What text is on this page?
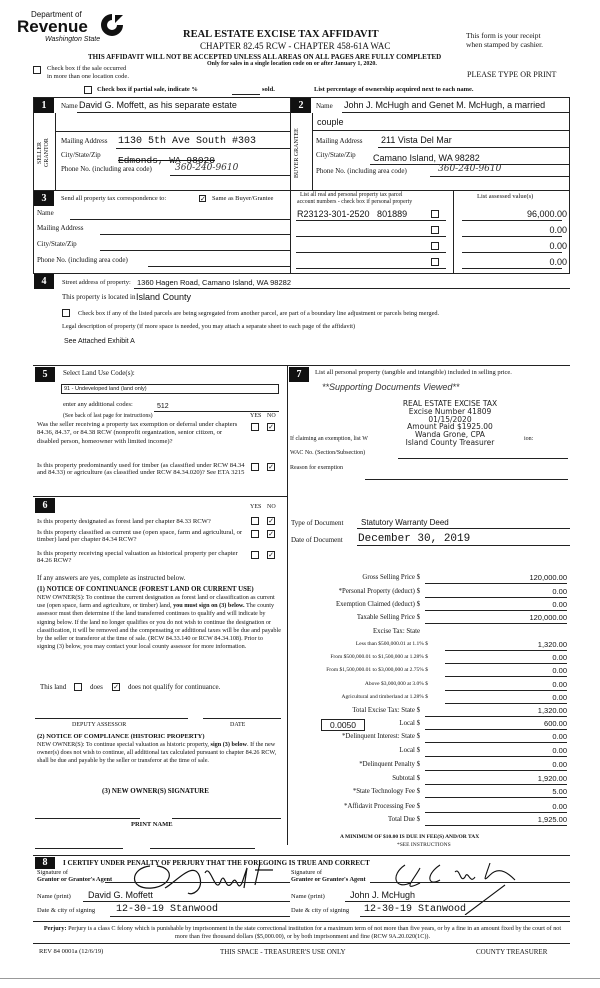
Department of
Revenue
Washington State	REAL ESTATE EXCISE TAX AFFIDAVIT
CHAPTER 82.45 RCW - CHAPTER 458-61A WAC
This form is your receipt
when stamped by cashier.
THIS AFFIDAVIT WILL NOT BE ACCEPTED UNLESS ALL AREAS ON ALL PAGES ARE FULLY COMPLETED
Only for sales in a single location code on or after January 1, 2020.
Check box if the sale occurred
in more than one location code.	PLEASE TYPE OR PRINT
Check box if partial sale, indicate %	sold.	List percentage of ownership acquired next to each name.
1
SELLER GRANTOR
Name David G. Moffett, as his separate estate
Mailing Address 1130 5th Ave South #303
City/State/Zip Edmonds, WA 98020
Phone No. (including area code)	360-240-9610
2
BUYER GRANTEE
Name John J. McHugh and Genet M. McHugh, a married
couple
Mailing Address 211 Vista Del Mar
City/State/Zip Camano Island, WA 98282
Phone No. (including area code)	360-240-9610
3	Send all property tax correspondence to:	✓ Same as Buyer/Grantee	List all real and personal property tax parcel
account numbers - check box if personal property
List assessed value(s)
Name
Mailing Address
City/State/Zip
Phone No. (including area code)
R23123-301-2520   801889	96,000.00
0.00
0.00
0.00
4	Street address of property: 1360 Hagen Road, Camano Island, WA 98282
This property is located in Island County
Check box if any of the listed parcels are being segregated from another parcel, are part of a boundary line adjustment or parcels being merged.
Legal description of property (if more space is needed, you may attach a separate sheet to each page of the affidavit)
See Attached Exhibit A
5	Select Land Use Code(s):
91 - Undeveloped land (land only)
enter any additional codes:	512
(See back of last page for instructions)	YES NO
Was the seller receiving a property tax exemption or deferral under chapters 84.36, 84.37, or 84.38 RCW (nonprofit organization, senior citizen, or disabled person, homeowner with limited income)?
✓
Is this property predominantly used for timber (as classified under RCW 84.34 and 84.33) or agriculture (as classified under RCW 84.34.020)? See ETA 3215
✓
6	YES NO
Is this property designated as forest land per chapter 84.33 RCW?	✓
Is this property classified as current use (open space, farm and agricultural, or timber) land per chapter 84.34 RCW?
✓
Is this property receiving special valuation as historical property per chapter 84.26 RCW?
✓
If any answers are yes, complete as instructed below.
(1) NOTICE OF CONTINUANCE (FOREST LAND OR CURRENT USE)
NEW OWNER(S): To continue the current designation as forest land or classification as current use (open space, farm and agriculture, or timber) land, you must sign on (3) below. The county assessor must then determine if the land transferred continues to qualify and will indicate by signing below. If the land no longer qualifies or you do not wish to continue the designation or classification, it will be removed and the compensating or additional taxes will be due and payable by the seller or transferor at the time of sale. (RCW 84.33.140 or RCW 84.34.108). Prior to signing (3) below, you may contact your local county assessor for more information.
This land	does ✓ does not qualify for continuance.
DEPUTY ASSESSOR	DATE
(2) NOTICE OF COMPLIANCE (HISTORIC PROPERTY)
NEW OWNER(S): To continue special valuation as historic property, sign (3) below. If the new owner(s) does not wish to continue, all additional tax calculated pursuant to chapter 84.26 RCW, shall be due and payable by the seller or transferor at the time of sale.
(3) NEW OWNER(S) SIGNATURE
PRINT NAME
7	List all personal property (tangible and intangible) included in selling price.
**Supporting Documents Viewed**
REAL ESTATE EXCISE TAX
Excise Number 41809
01/15/2020
Amount Paid $1925.00
Wanda Grone, CPA
Island County Treasurer
If claiming an exemption, list W	ion:
WAC No. (Section/Subsection)
Reason for exemption
Type of Document Statutory Warranty Deed
Date of Document December 30, 2019
Gross Selling Price $	120,000.00
*Personal Property (deduct) $	0.00
Exemption Claimed (deduct) $	0.00
Taxable Selling Price $	120,000.00
Excise Tax: State
Less than $500,000.01 at 1.1% $	1,320.00
From $500,000.01 to $1,500,000 at 1.28% $	0.00
From $1,500,000.01 to $3,000,000 at 2.75% $	0.00
Above $3,000,000 at 3.0% $	0.00
Agricultural and timberland at 1.28% $	0.00
Total Excise Tax: State $	1,320.00
Local $	600.00
*Delinquent Interest: State $	0.00
Local $	0.00
*Delinquent Penalty $	0.00
Subtotal $	1,920.00
*State Technology Fee $	5.00
*Affidavit Processing Fee $	0.00
Total Due $	1,925.00
0.0050
A MINIMUM OF $10.00 IS DUE IN FEE(S) AND/OR TAX
*SEE INSTRUCTIONS
8	I CERTIFY UNDER PENALTY OF PERJURY THAT THE FOREGOING IS TRUE AND CORRECT
Signature of
Grantor or Grantor's Agent
Name (print) David G. Moffett
Date & city of signing 12-30-19 Stanwood
Signature of
Grantee or Grantee's Agent
Name (print)	John J. McHugh
Date & city of signing 12-30-19 Stanwood
Perjury: Perjury is a class C felony which is punishable by imprisonment in the state correctional institution for a maximum term of not more than five years, or by a fine in an amount fixed by the court of not more than five thousand dollars ($5,000.00), or by both imprisonment and fine (RCW 9A.20.020(1C)).
REV 84 0001a (12/6/19)	THIS SPACE - TREASURER'S USE ONLY	COUNTY TREASURER
